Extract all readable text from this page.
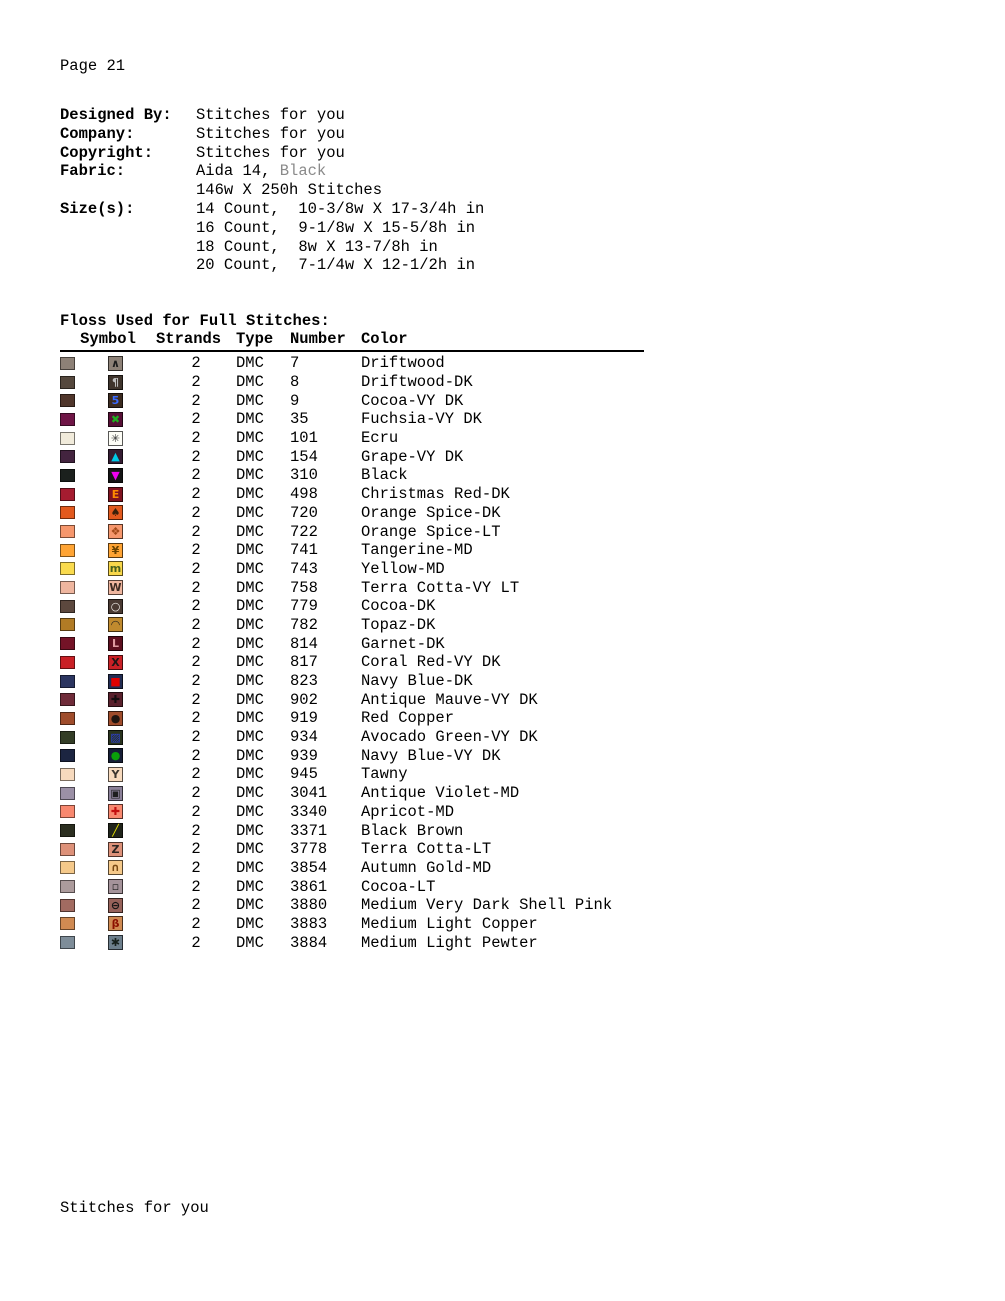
Page 21
Designed By:	Stitches for you
Company:	Stitches for you
Copyright:	Stitches for you
Fabric:	Aida 14, Black
146w X 250h Stitches
Size(s):	14 Count,  10-3/8w X 17-3/4h in
16 Count,  9-1/8w X 15-5/8h in
18 Count,  8w X 13-7/8h in
20 Count,  7-1/4w X 12-1/2h in
Floss Used for Full Stitches:
Symbol	Strands Type	Number Color
∧	2	DMC	7	Driftwood
¶	2	DMC	8	Driftwood-DK
5	2	DMC	9	Cocoa-VY DK
✖	2	DMC	35	Fuchsia-VY DK
✳	2	DMC	101	Ecru
▲	2	DMC	154	Grape-VY DK
▼	2	DMC	310	Black
E	2	DMC	498	Christmas Red-DK
♠	2	DMC	720	Orange Spice-DK
❖	2	DMC	722	Orange Spice-LT
¥	2	DMC	741	Tangerine-MD
m	2	DMC	743	Yellow-MD
W	2	DMC	758	Terra Cotta-VY LT
○	2	DMC	779	Cocoa-DK
◠	2	DMC	782	Topaz-DK
L	2	DMC	814	Garnet-DK
X	2	DMC	817	Coral Red-VY DK
■	2	DMC	823	Navy Blue-DK
✚	2	DMC	902	Antique Mauve-VY DK
●	2	DMC	919	Red Copper
▨	2	DMC	934	Avocado Green-VY DK
●	2	DMC	939	Navy Blue-VY DK
Y	2	DMC	945	Tawny
▣	2	DMC	3041	Antique Violet-MD
✚	2	DMC	3340	Apricot-MD
╱	2	DMC	3371	Black Brown
Z	2	DMC	3778	Terra Cotta-LT
∩	2	DMC	3854	Autumn Gold-MD
▫	2	DMC	3861	Cocoa-LT
⊖	2	DMC	3880	Medium Very Dark Shell Pink
β	2	DMC	3883	Medium Light Copper
✱	2	DMC	3884	Medium Light Pewter
Stitches for you
